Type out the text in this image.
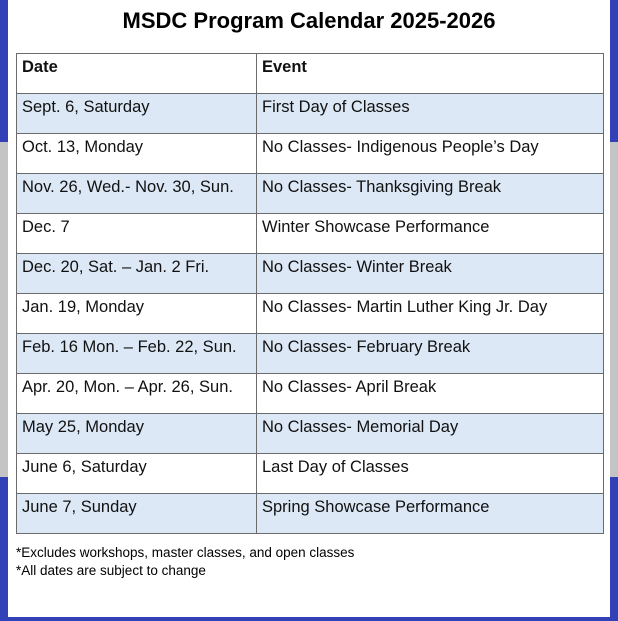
MSDC Program Calendar 2025-2026
Date	Event
Sept. 6, Saturday	First Day of Classes
Oct. 13, Monday	No Classes- Indigenous People’s Day
Nov. 26, Wed.- Nov. 30, Sun.	No Classes- Thanksgiving Break
Dec. 7	Winter Showcase Performance
Dec. 20, Sat. – Jan. 2 Fri.	No Classes- Winter Break
Jan. 19, Monday	No Classes- Martin Luther King Jr. Day
Feb. 16 Mon. – Feb. 22, Sun.	No Classes- February Break
Apr. 20, Mon. – Apr. 26, Sun.	No Classes- April Break
May 25, Monday	No Classes- Memorial Day
June 6, Saturday	Last Day of Classes
June 7, Sunday	Spring Showcase Performance
*Excludes workshops, master classes, and open classes
*All dates are subject to change
